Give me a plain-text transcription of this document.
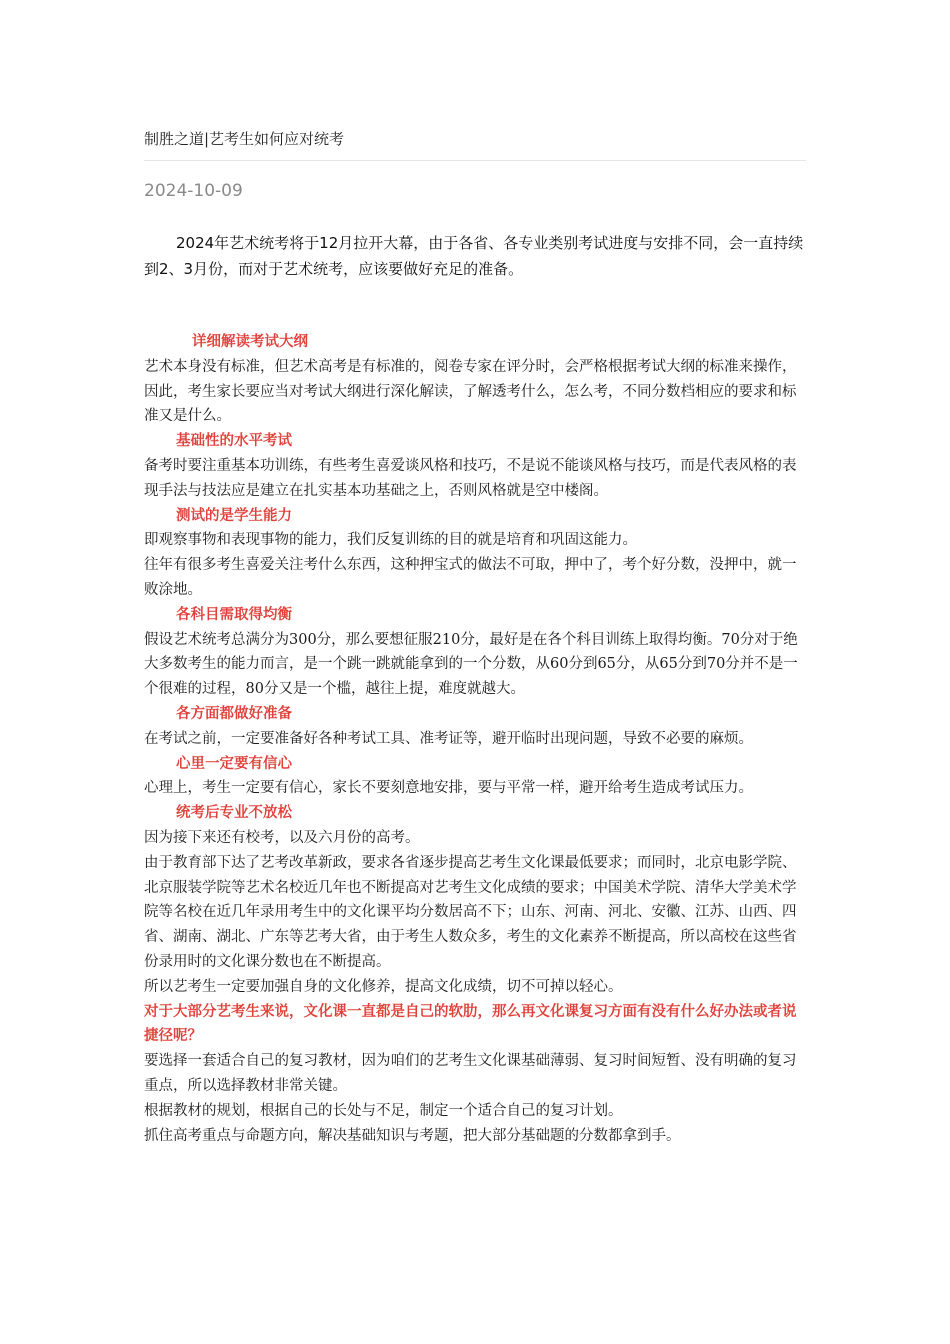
制胜之道|艺考生如何应对统考
2024-10-09

2024年艺术统考将于12月拉开大幕，由于各省、各专业类别考试进度与安排不同，会一直持续到2、3月份，而对于艺术统考，应该要做好充足的准备。

详细解读考试大纲

艺术本身没有标准，但艺术高考是有标准的，阅卷专家在评分时，会严格根据考试大纲的标准来操作，因此，考生家长要应当对考试大纲进行深化解读，了解透考什么，怎么考，不同分数档相应的要求和标准又是什么。

基础性的水平考试

备考时要注重基本功训练，有些考生喜爱谈风格和技巧，不是说不能谈风格与技巧，而是代表风格的表现手法与技法应是建立在扎实基本功基础之上，否则风格就是空中楼阁。

测试的是学生能力

即观察事物和表现事物的能力，我们反复训练的目的就是培育和巩固这能力。

往年有很多考生喜爱关注考什么东西，这种押宝式的做法不可取，押中了，考个好分数，没押中，就一败涂地。

各科目需取得均衡

假设艺术统考总满分为300分，那么要想征服210分，最好是在各个科目训练上取得均衡。70分对于绝大多数考生的能力而言，是一个跳一跳就能拿到的一个分数，从60分到65分，从65分到70分并不是一个很难的过程，80分又是一个槛，越往上提，难度就越大。

各方面都做好准备

在考试之前，一定要准备好各种考试工具、准考证等，避开临时出现问题，导致不必要的麻烦。

心里一定要有信心

心理上，考生一定要有信心，家长不要刻意地安排，要与平常一样，避开给考生造成考试压力。

统考后专业不放松

因为接下来还有校考，以及六月份的高考。

由于教育部下达了艺考改革新政，要求各省逐步提高艺考生文化课最低要求；而同时，北京电影学院、北京服装学院等艺术名校近几年也不断提高对艺考生文化成绩的要求；中国美术学院、清华大学美术学院等名校在近几年录用考生中的文化课平均分数居高不下；山东、河南、河北、安徽、江苏、山西、四省、湖南、湖北、广东等艺考大省，由于考生人数众多，考生的文化素养不断提高，所以高校在这些省份录用时的文化课分数也在不断提高。

所以艺考生一定要加强自身的文化修养，提高文化成绩，切不可掉以轻心。

对于大部分艺考生来说，文化课一直都是自己的软肋，那么再文化课复习方面有没有什么好办法或者说捷径呢？

要选择一套适合自己的复习教材，因为咱们的艺考生文化课基础薄弱、复习时间短暂、没有明确的复习重点，所以选择教材非常关键。

根据教材的规划，根据自己的长处与不足，制定一个适合自己的复习计划。

抓住高考重点与命题方向，解决基础知识与考题，把大部分基础题的分数都拿到手。
